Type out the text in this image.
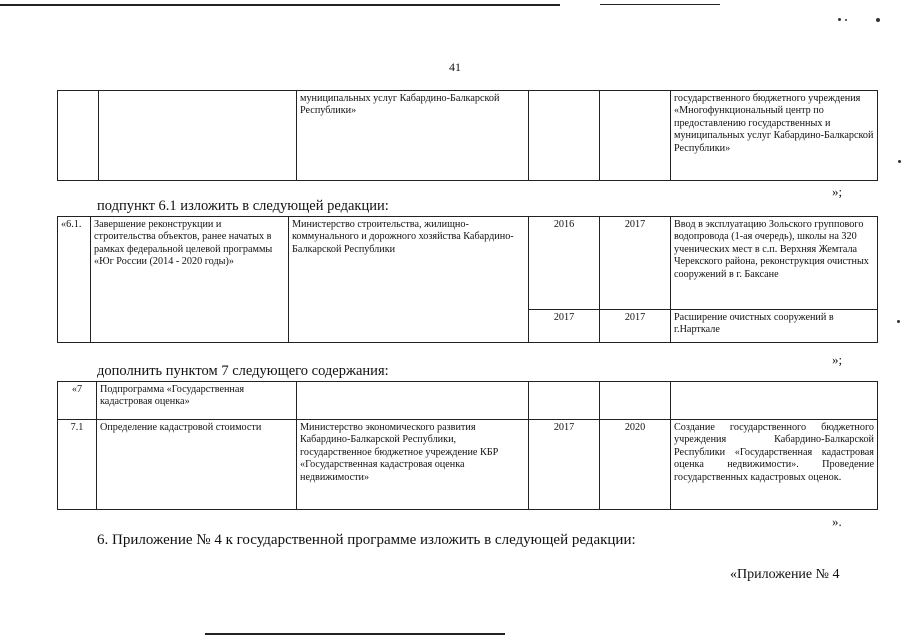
41
		муниципальных услуг Кабардино-Балкарской Республики»			государственного бюджетного учреждения «Многофункциональный центр по предоставлению государственных и муниципальных услуг Кабардино-Балкарской Республики»
»;
подпункт 6.1 изложить в следующей редакции:
«6.1.	Завершение реконструкции и строительства объектов, ранее начатых в рамках федеральной целевой программы «Юг России (2014 - 2020 годы)»	Министерство строительства, жилищно-коммунального и дорожного хозяйства Кабардино-Балкарской Республики	2016	2017	Ввод в эксплуатацию Зольского группового водопровода (1-ая очередь), школы на 320 ученических мест в с.п. Верхняя Жемтала Черекского района, реконструкция очистных сооружений в г. Баксане
			2017	2017	Расширение очистных сооружений в г.Нарткале
»;
дополнить пунктом 7 следующего содержания:
«7	Подпрограмма «Государственная кадастровая оценка»				
7.1	Определение кадастровой стоимости	Министерство экономического развития Кабардино-Балкарской Республики, государственное бюджетное учреждение КБР «Государственная кадастровая оценка недвижимости»	2017	2020	Создание государственного бюджетного учреждения Кабардино-Балкарской Республики «Государственная кадастровая оценка недвижимости». Проведение государственных кадастровых оценок.
».
6. Приложение № 4 к государственной программе изложить в следующей редакции:
«Приложение № 4
